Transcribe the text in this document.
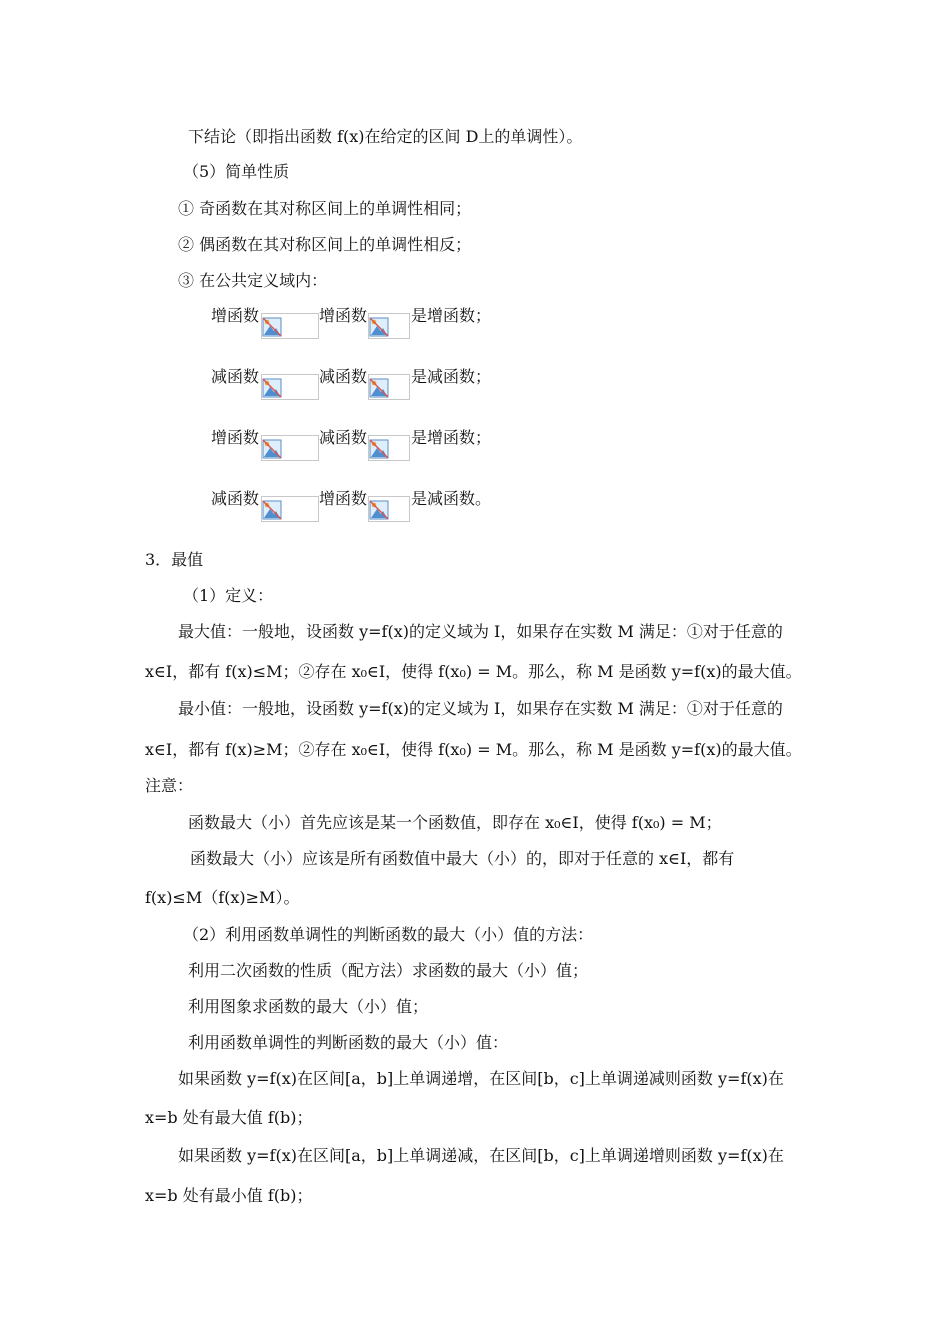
下结论（即指出函数 f(x)在给定的区间 D上的单调性）。
（5）简单性质
① 奇函数在其对称区间上的单调性相同；
② 偶函数在其对称区间上的单调性相反；
③ 在公共定义域内：
增函数	增函数	是增函数；
减函数	减函数	是减函数；
增函数	减函数	是增函数；
减函数	增函数	是减函数。
3．最值
（1）定义：
最大值：一般地，设函数 y=f(x)的定义域为 I，如果存在实数 M 满足：①对于任意的
x∈I，都有 f(x)≤M；②存在 x₀∈I，使得 f(x₀) = M。那么，称 M 是函数 y=f(x)的最大值。
最小值：一般地，设函数 y=f(x)的定义域为 I，如果存在实数 M 满足：①对于任意的
x∈I，都有 f(x)≥M；②存在 x₀∈I，使得 f(x₀) = M。那么，称 M 是函数 y=f(x)的最大值。
注意：
函数最大（小）首先应该是某一个函数值，即存在 x₀∈I，使得 f(x₀) = M；
函数最大（小）应该是所有函数值中最大（小）的，即对于任意的 x∈I，都有
f(x)≤M（f(x)≥M）。
（2）利用函数单调性的判断函数的最大（小）值的方法：
利用二次函数的性质（配方法）求函数的最大（小）值；
利用图象求函数的最大（小）值；
利用函数单调性的判断函数的最大（小）值：
如果函数 y=f(x)在区间[a，b]上单调递增，在区间[b，c]上单调递减则函数 y=f(x)在
x=b 处有最大值 f(b)；
如果函数 y=f(x)在区间[a，b]上单调递减，在区间[b，c]上单调递增则函数 y=f(x)在
x=b 处有最小值 f(b)；
